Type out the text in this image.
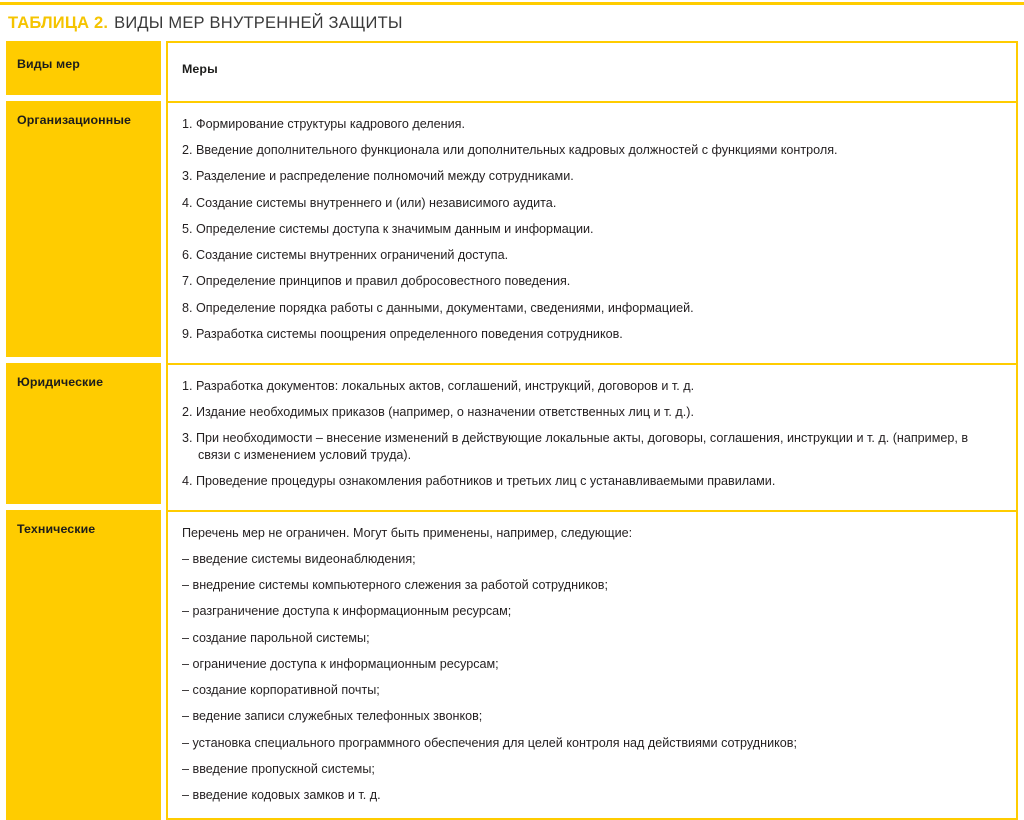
ТАБЛИЦА 2. ВИДЫ МЕР ВНУТРЕННЕЙ ЗАЩИТЫ
Виды мер	Меры
Организационные	1. Формирование структуры кадрового деления.
2. Введение дополнительного функционала или дополнительных кадровых должностей с функциями контроля.
3. Разделение и распределение полномочий между сотрудниками.
4. Создание системы внутреннего и (или) независимого аудита.
5. Определение системы доступа к значимым данным и информации.
6. Создание системы внутренних ограничений доступа.
7. Определение принципов и правил добросовестного поведения.
8. Определение порядка работы с данными, документами, сведениями, информацией.
9. Разработка системы поощрения определенного поведения сотрудников.
Юридические	1. Разработка документов: локальных актов, соглашений, инструкций, договоров и т. д.
2. Издание необходимых приказов (например, о назначении ответственных лиц и т. д.).
3. При необходимости – внесение изменений в действующие локальные акты, договоры, соглашения, инструкции и т. д. (например, в связи с изменением условий труда).
4. Проведение процедуры ознакомления работников и третьих лиц с устанавливаемыми правилами.
Технические	Перечень мер не ограничен. Могут быть применены, например, следующие:

– введение системы видеонаблюдения;
– внедрение системы компьютерного слежения за работой сотрудников;
– разграничение доступа к информационным ресурсам;
– создание парольной системы;
– ограничение доступа к информационным ресурсам;
– создание корпоративной почты;
– ведение записи служебных телефонных звонков;
– установка специального программного обеспечения для целей контроля над действиями сотрудников;
– введение пропускной системы;
– введение кодовых замков и т. д.
